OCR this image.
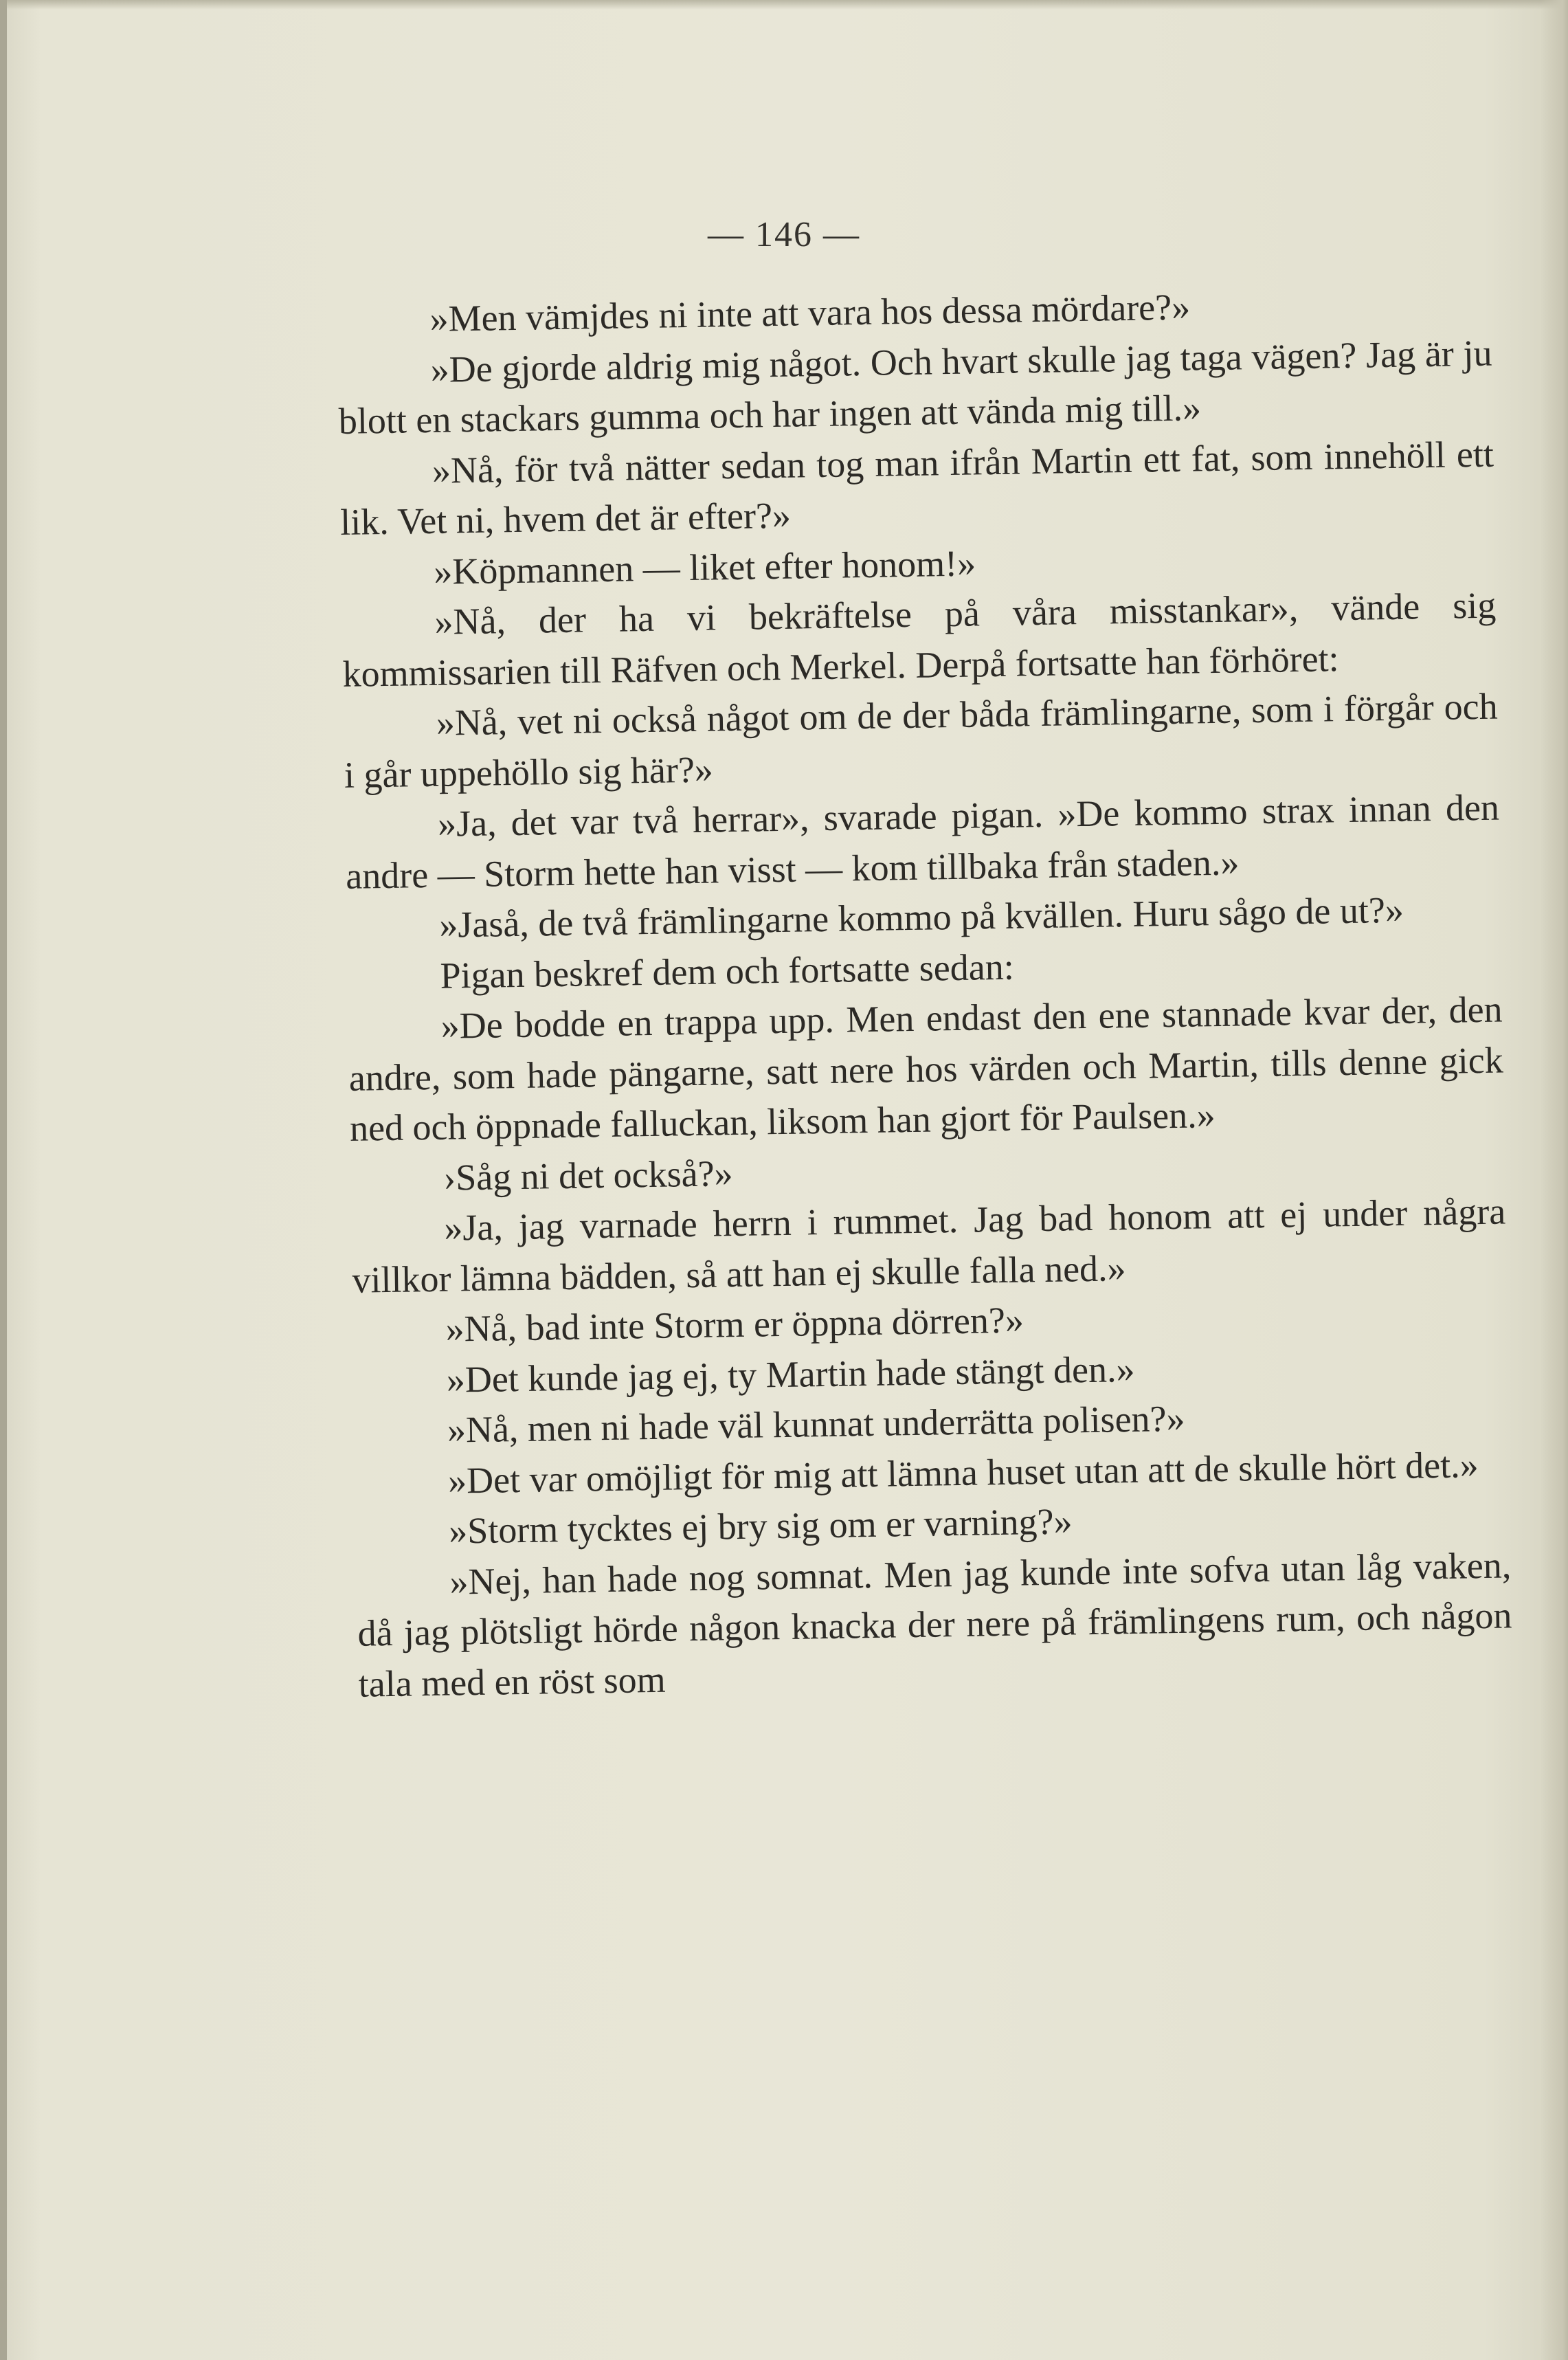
— 146 —

»Men vämjdes ni inte att vara hos dessa mördare?»

»De gjorde aldrig mig något. Och hvart skulle jag taga vägen? Jag är ju blott en stackars gumma och har ingen att vända mig till.»

»Nå, för två nätter sedan tog man ifrån Martin ett fat, som innehöll ett lik. Vet ni, hvem det är efter?»

»Köpmannen — liket efter honom!»

»Nå, der ha vi bekräftelse på våra misstankar», vände sig kommissarien till Räfven och Merkel. Derpå fortsatte han förhöret:

»Nå, vet ni också något om de der båda främlingarne, som i förgår och i går uppehöllo sig här?»

»Ja, det var två herrar», svarade pigan. »De kommo strax innan den andre — Storm hette han visst — kom tillbaka från staden.»

»Jaså, de två främlingarne kommo på kvällen. Huru sågo de ut?»

Pigan beskref dem och fortsatte sedan:

»De bodde en trappa upp. Men endast den ene stannade kvar der, den andre, som hade pängarne, satt nere hos värden och Martin, tills denne gick ned och öppnade falluckan, liksom han gjort för Paulsen.»

›Såg ni det också?»

»Ja, jag varnade herrn i rummet. Jag bad honom att ej under några villkor lämna bädden, så att han ej skulle falla ned.»

»Nå, bad inte Storm er öppna dörren?»

»Det kunde jag ej, ty Martin hade stängt den.»

»Nå, men ni hade väl kunnat underrätta polisen?»

»Det var omöjligt för mig att lämna huset utan att de skulle hört det.»

»Storm tycktes ej bry sig om er varning?»

»Nej, han hade nog somnat. Men jag kunde inte sofva utan låg vaken, då jag plötsligt hörde någon knacka der nere på främlingens rum, och någon tala med en röst som
